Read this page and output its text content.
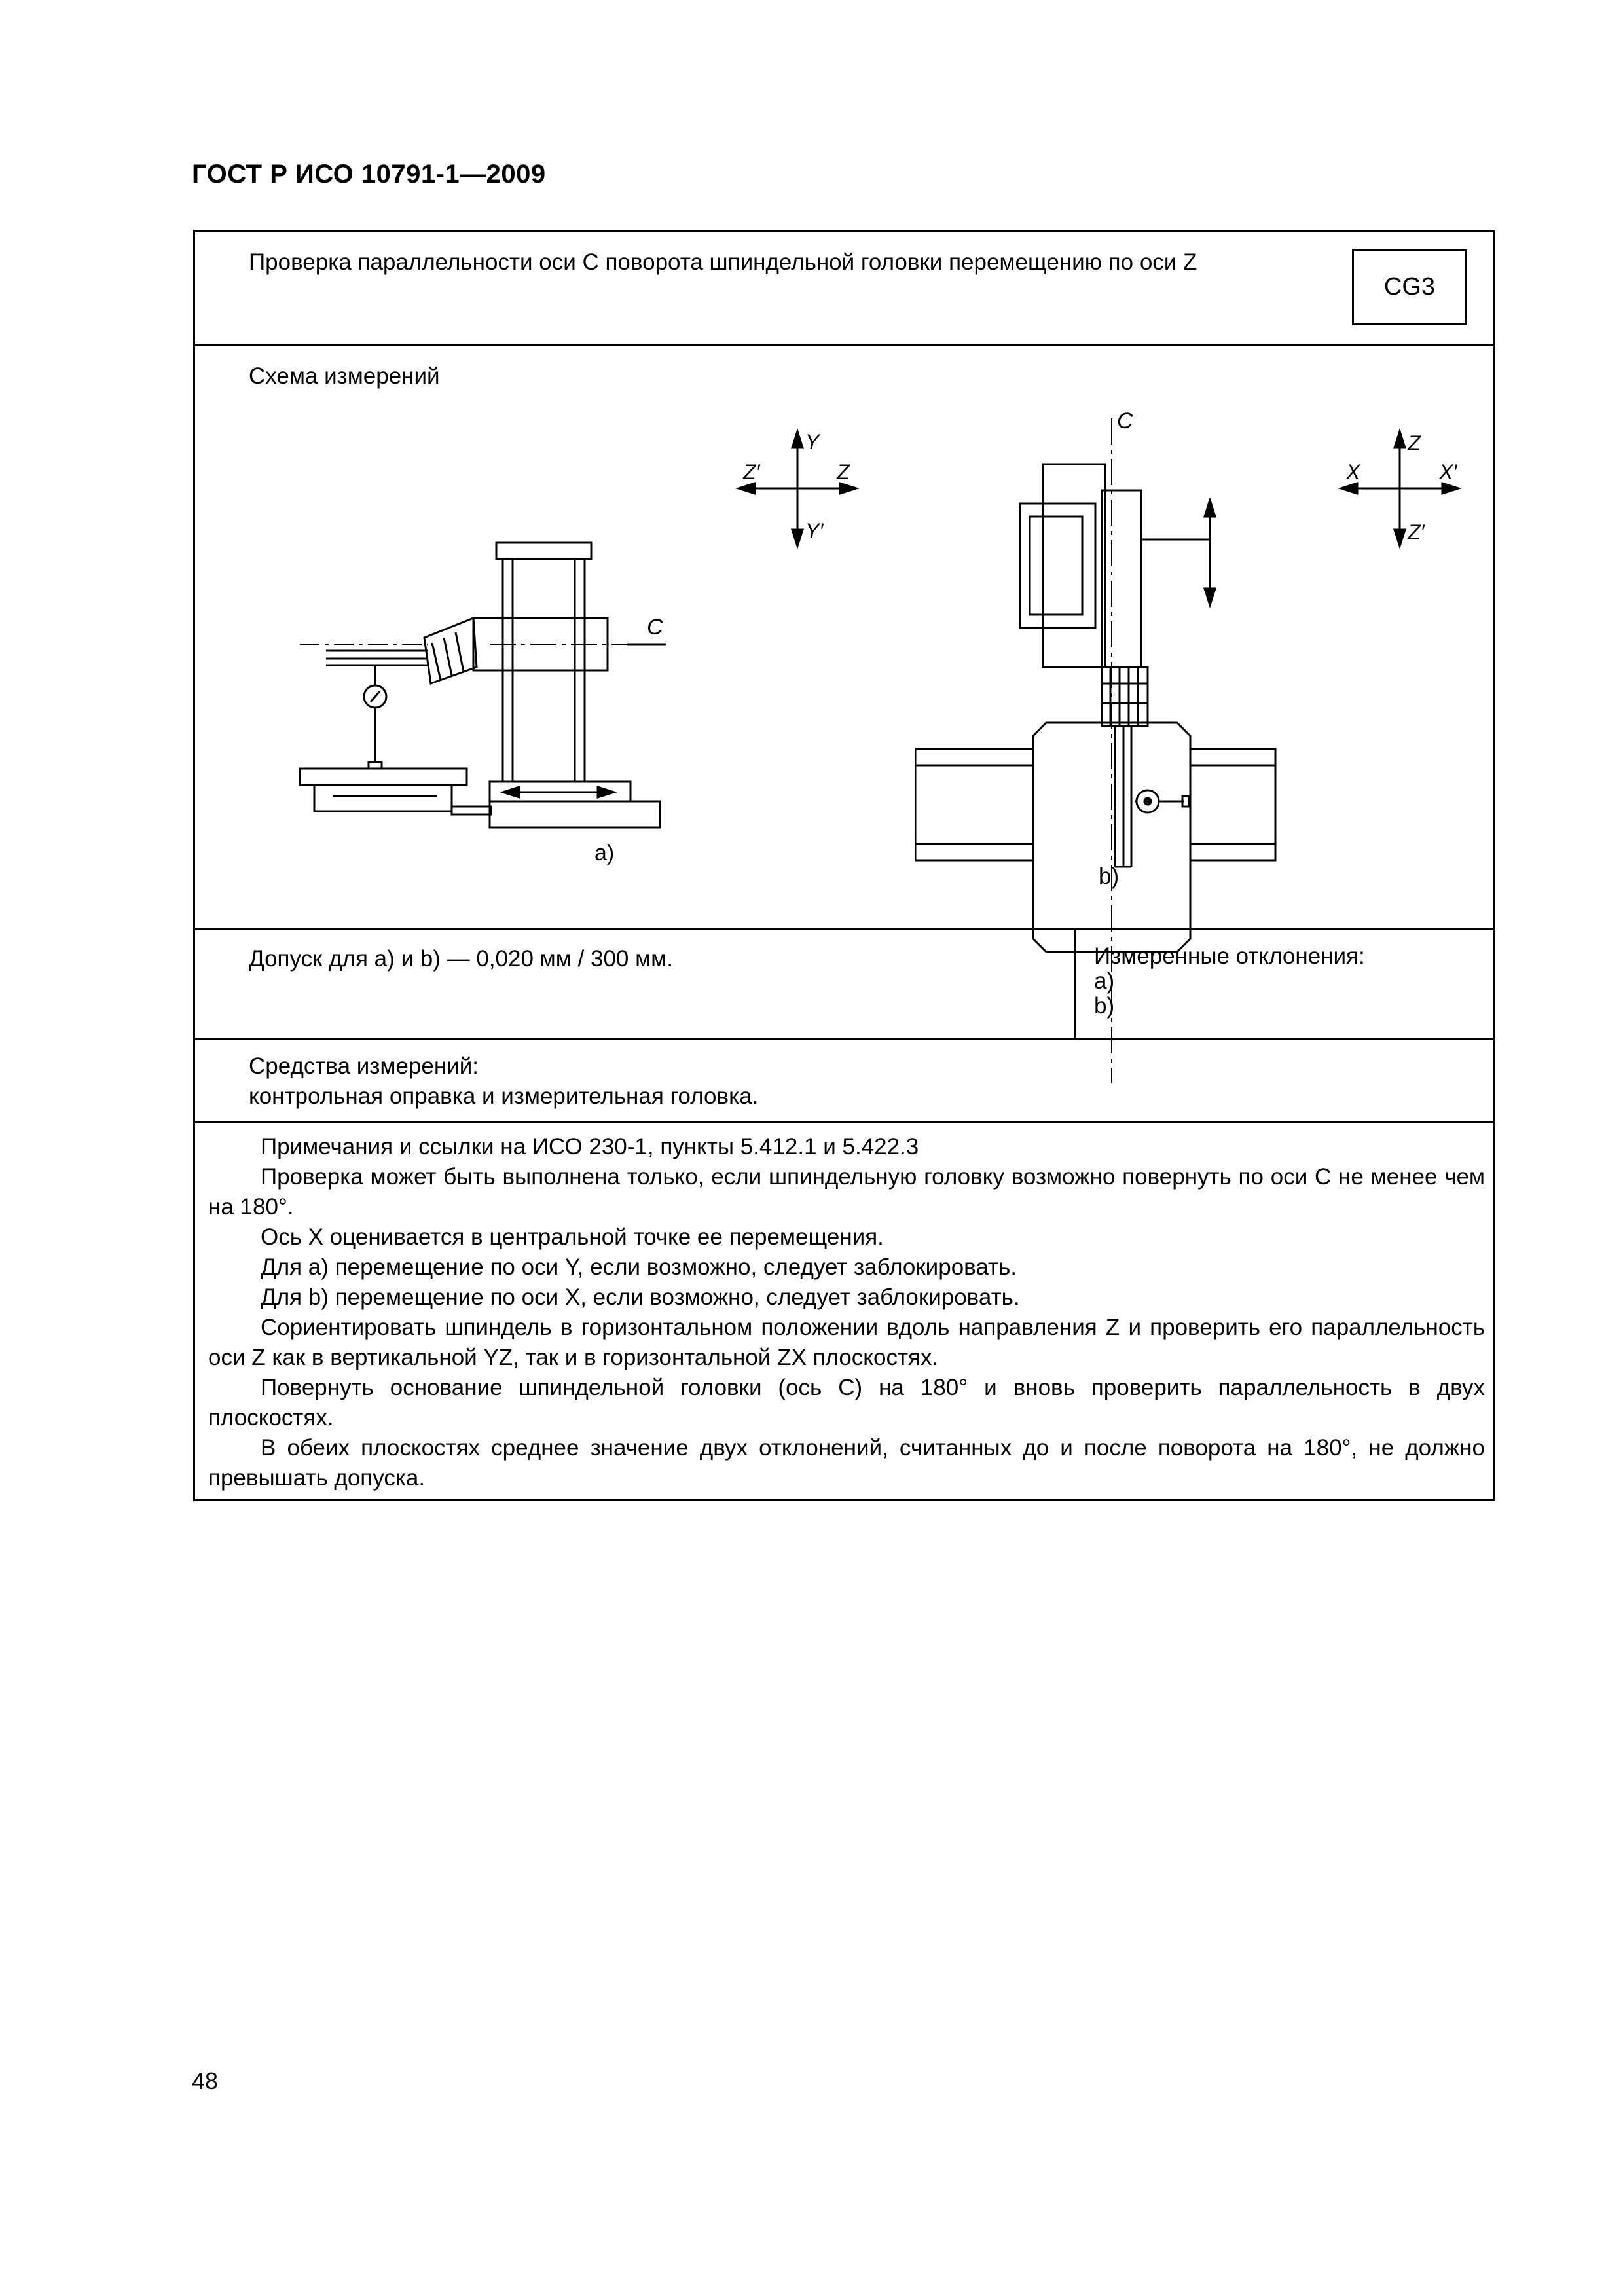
ГОСТ Р ИСО 10791-1—2009
Проверка параллельности оси C поворота шпиндельной головки перемещению по оси Z
CG3
Схема измерений
Y
Z′	Z
Y′
C
a)
Z
X	X′
Z′
C
b)
Допуск для a) и b) — 0,020 мм / 300 мм.	Измеренные отклонения:
a)
b)
Средства измерений:
контрольная оправка и измерительная головка.

Примечания и ссылки на ИСО 230-1, пункты 5.412.1 и 5.422.3

Проверка может быть выполнена только, если шпиндельную головку возможно повернуть по оси C не менее чем на 180°.

Ось X оценивается в центральной точке ее перемещения.

Для a) перемещение по оси Y, если возможно, следует заблокировать.

Для b) перемещение по оси X, если возможно, следует заблокировать.

Сориентировать шпиндель в горизонтальном положении вдоль направления Z и проверить его параллельность оси Z как в вертикальной YZ, так и в горизонтальной ZX плоскостях.

Повернуть основание шпиндельной головки (ось C) на 180° и вновь проверить параллельность в двух плоскостях.

В обеих плоскостях среднее значение двух отклонений, считанных до и после поворота на 180°, не должно превышать допуска.

48
